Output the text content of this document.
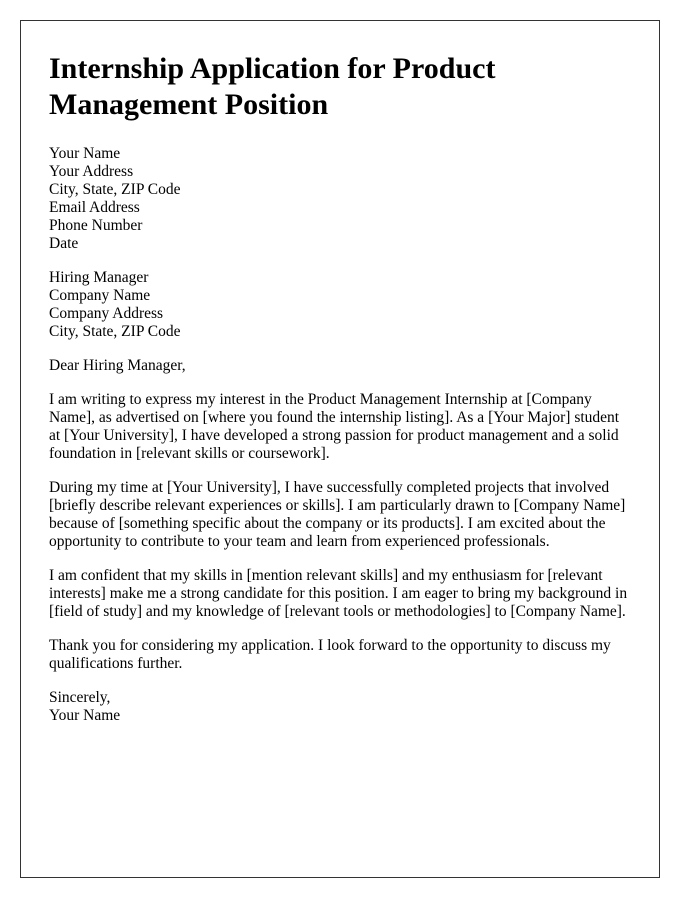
Internship Application for Product Management Position
Your Name
Your Address
City, State, ZIP Code
Email Address
Phone Number
Date
Hiring Manager
Company Name
Company Address
City, State, ZIP Code

Dear Hiring Manager,

I am writing to express my interest in the Product Management Internship at [Company Name], as advertised on [where you found the internship listing]. As a [Your Major] student at [Your University], I have developed a strong passion for product management and a solid foundation in [relevant skills or coursework].

During my time at [Your University], I have successfully completed projects that involved [briefly describe relevant experiences or skills]. I am particularly drawn to [Company Name] because of [something specific about the company or its products]. I am excited about the opportunity to contribute to your team and learn from experienced professionals.

I am confident that my skills in [mention relevant skills] and my enthusiasm for [relevant interests] make me a strong candidate for this position. I am eager to bring my background in [field of study] and my knowledge of [relevant tools or methodologies] to [Company Name].

Thank you for considering my application. I look forward to the opportunity to discuss my qualifications further.

Sincerely,
Your Name
